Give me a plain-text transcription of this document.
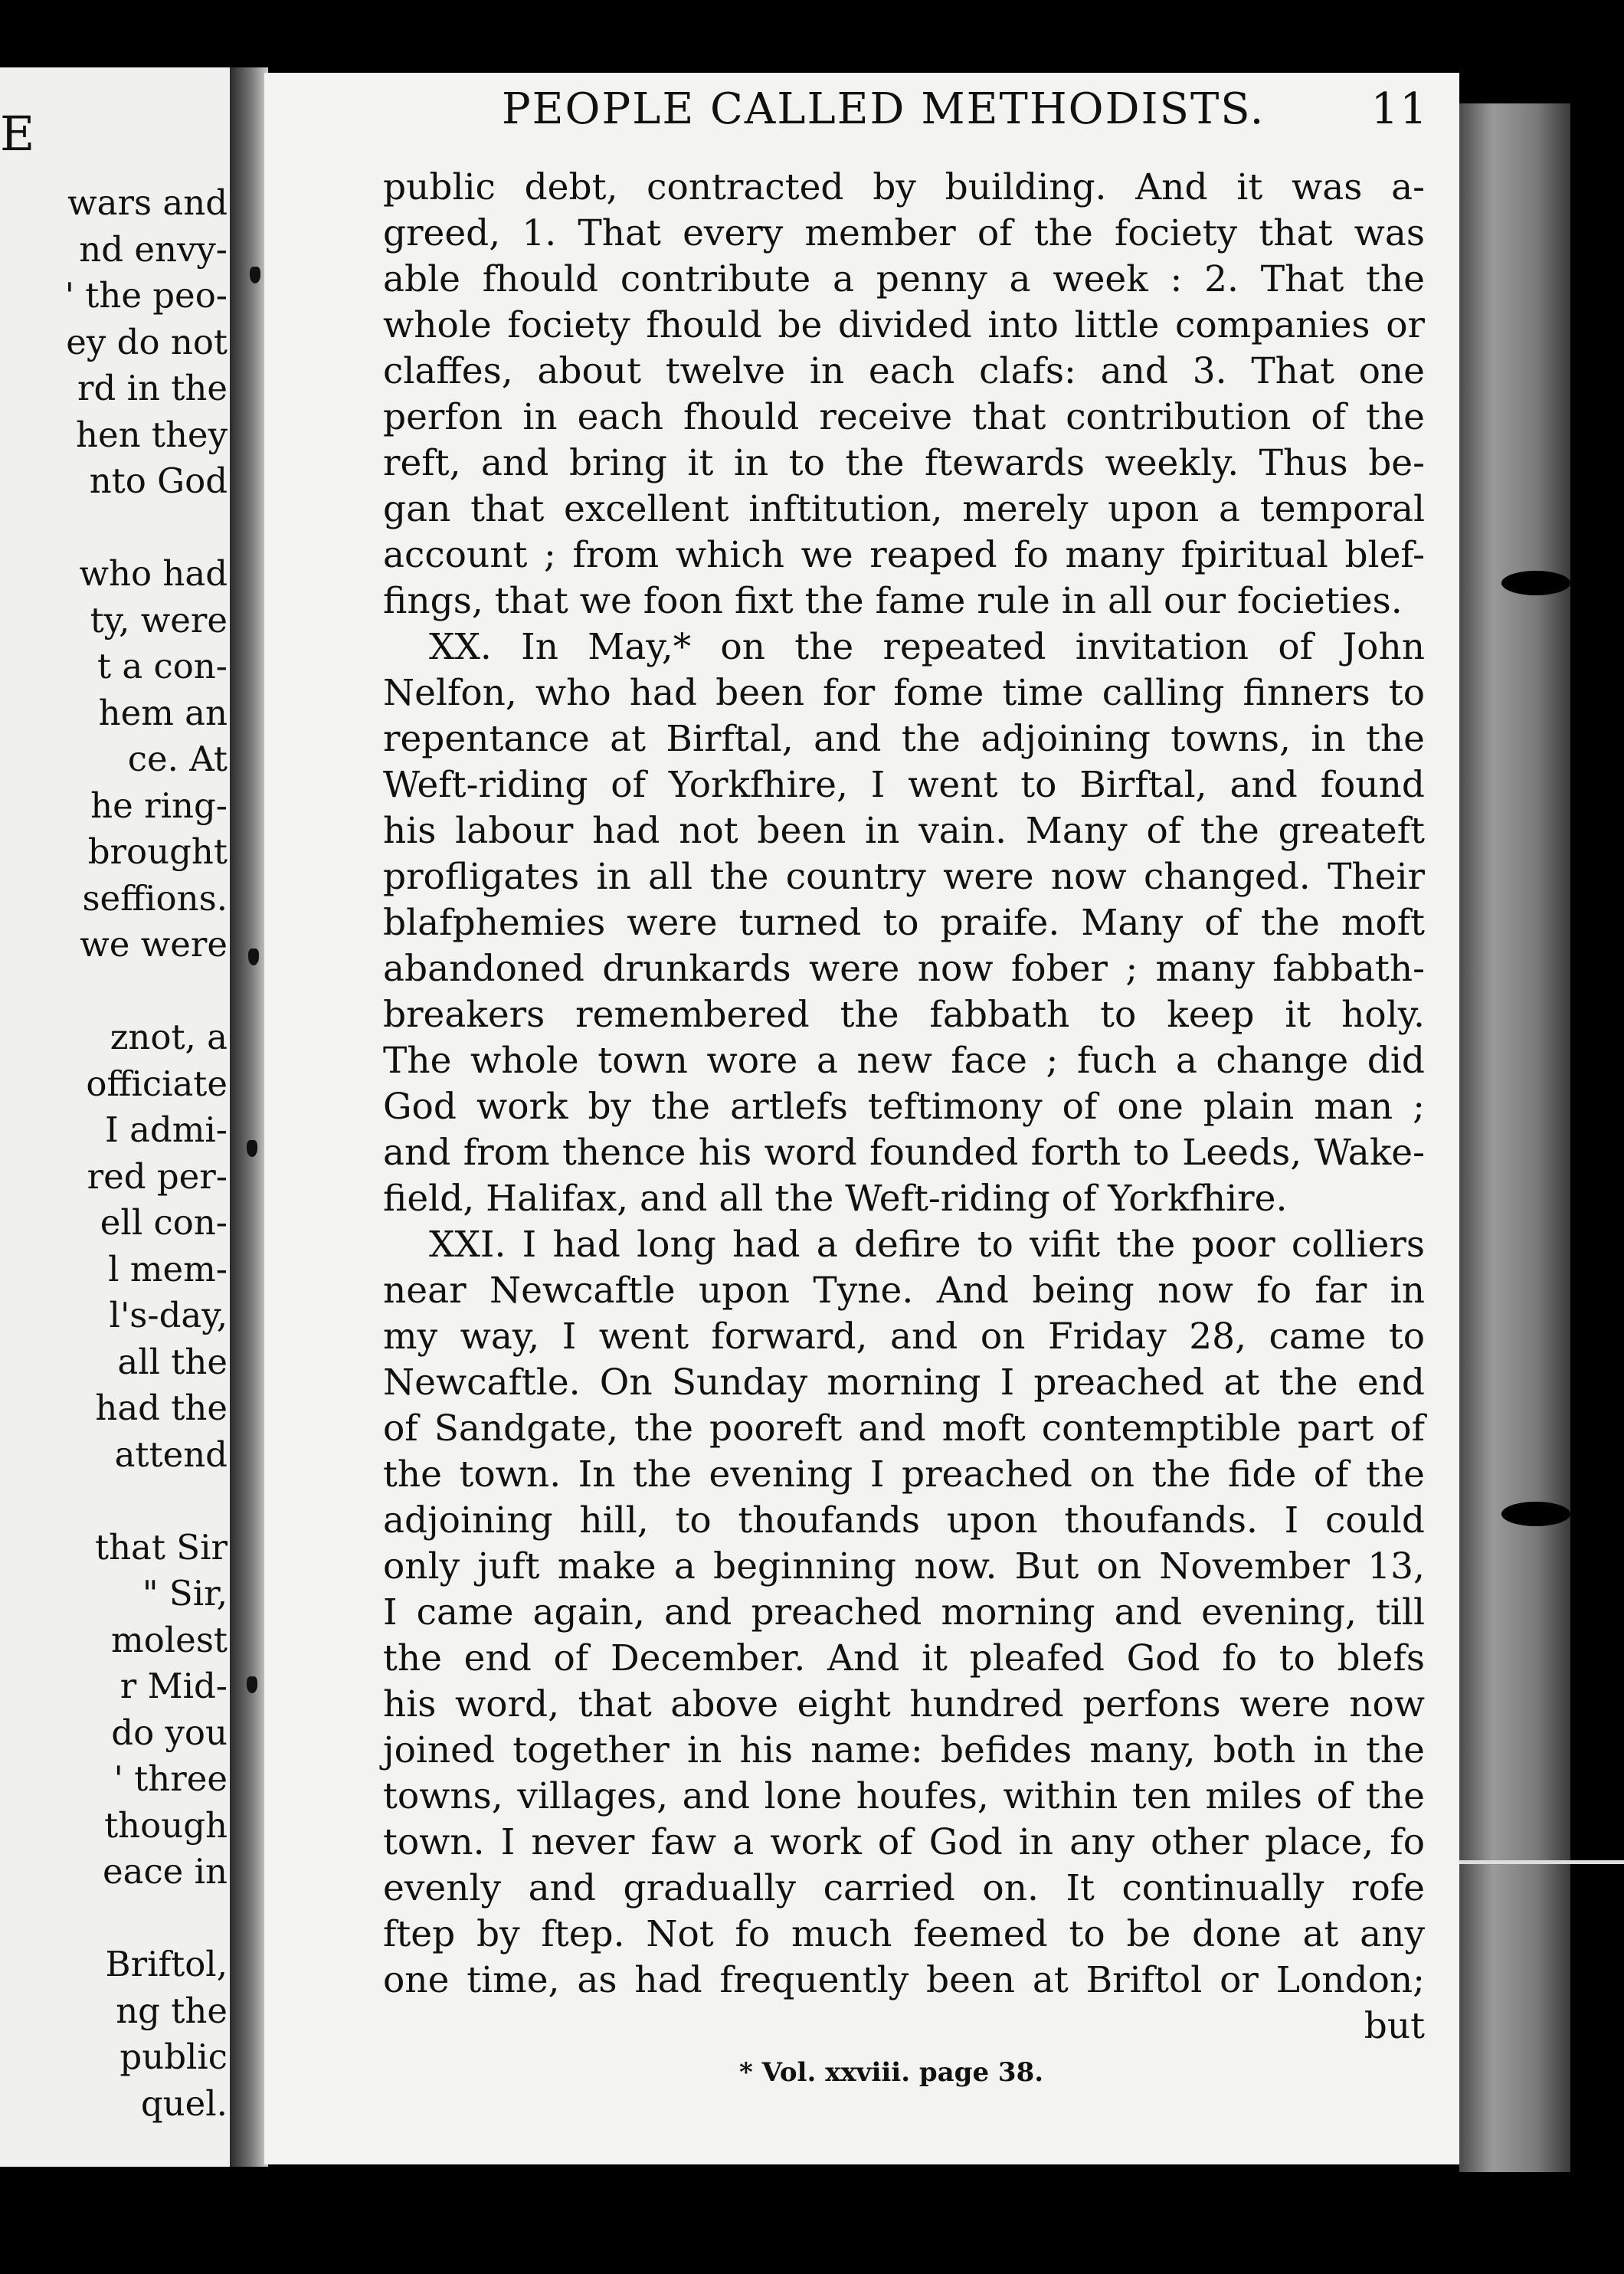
E
wars and
nd envy-
' the peo-
ey do not
rd in the
hen they
nto God
who had
ty, were
t a con-
hem an
ce. At
he ring-
brought
seffions.
we were
znot, a
officiate
I admi-
red per-
ell con-
l mem-
l's-day,
all the
had the
attend
that Sir
" Sir,
molest
r Mid-
do you
' three
though
eace in
Briftol,
ng the
public
quel.
PEOPLE CALLED METHODISTS. 11
public debt, contracted by building. And it was a-
greed, 1. That every member of the fociety that was
able fhould contribute a penny a week : 2. That the
whole fociety fhould be divided into little companies or
claffes, about twelve in each clafs: and 3. That one
perfon in each fhould receive that contribution of the
reft, and bring it in to the ftewards weekly. Thus be-
gan that excellent inftitution, merely upon a temporal
account ; from which we reaped fo many fpiritual blef-
fings, that we foon fixt the fame rule in all our focieties.
XX. In May,* on the repeated invitation of John
Nelfon, who had been for fome time calling finners to
repentance at Birftal, and the adjoining towns, in the
Weft-riding of Yorkfhire, I went to Birftal, and found
his labour had not been in vain. Many of the greateft
profligates in all the country were now changed. Their
blafphemies were turned to praife. Many of the moft
abandoned drunkards were now fober ; many fabbath-
breakers remembered the fabbath to keep it holy.
The whole town wore a new face ; fuch a change did
God work by the artlefs teftimony of one plain man ;
and from thence his word founded forth to Leeds, Wake-
field, Halifax, and all the Weft-riding of Yorkfhire.
XXI. I had long had a defire to vifit the poor colliers
near Newcaftle upon Tyne. And being now fo far in
my way, I went forward, and on Friday 28, came to
Newcaftle. On Sunday morning I preached at the end
of Sandgate, the pooreft and moft contemptible part of
the town. In the evening I preached on the fide of the
adjoining hill, to thoufands upon thoufands. I could
only juft make a beginning now. But on November 13,
I came again, and preached morning and evening, till
the end of December. And it pleafed God fo to blefs
his word, that above eight hundred perfons were now
joined together in his name: befides many, both in the
towns, villages, and lone houfes, within ten miles of the
town. I never faw a work of God in any other place, fo
evenly and gradually carried on. It continually rofe
ftep by ftep. Not fo much feemed to be done at any
one time, as had frequently been at Briftol or London;
but
* Vol. xxviii. page 38.
